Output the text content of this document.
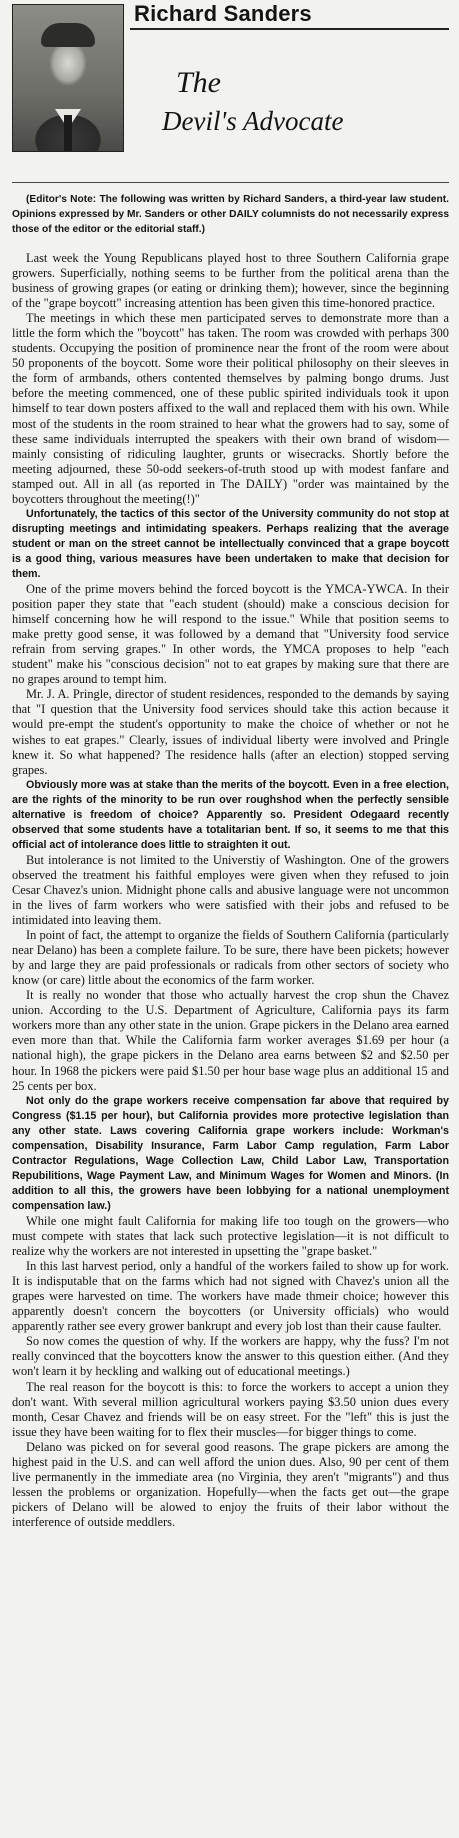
Richard Sanders
The
Devil's Advocate

(Editor's Note: The following was written by Richard Sanders, a third-year law student. Opinions expressed by Mr. Sanders or other DAILY columnists do not necessarily express those of the editor or the editorial staff.)

Last week the Young Republicans played host to three Southern California grape growers. Superficially, nothing seems to be further from the political arena than the business of growing grapes (or eating or drinking them); however, since the beginning of the "grape boycott" increasing attention has been given this time-honored practice.

The meetings in which these men participated serves to demonstrate more than a little the form which the "boycott" has taken. The room was crowded with perhaps 300 students. Occupying the position of prominence near the front of the room were about 50 proponents of the boycott. Some wore their political philosophy on their sleeves in the form of armbands, others contented themselves by palming bongo drums. Just before the meeting commenced, one of these public spirited individuals took it upon himself to tear down posters affixed to the wall and replaced them with his own. While most of the students in the room strained to hear what the growers had to say, some of these same individuals interrupted the speakers with their own brand of wisdom—mainly consisting of ridiculing laughter, grunts or wisecracks. Shortly before the meeting adjourned, these 50-odd seekers-of-truth stood up with modest fanfare and stamped out. All in all (as reported in The DAILY) "order was maintained by the boycotters throughout the meeting(!)"

Unfortunately, the tactics of this sector of the University community do not stop at disrupting meetings and intimidating speakers. Perhaps realizing that the average student or man on the street cannot be intellectually convinced that a grape boycott is a good thing, various measures have been undertaken to make that decision for them.

One of the prime movers behind the forced boycott is the YMCA-YWCA. In their position paper they state that "each student (should) make a conscious decision for himself concerning how he will respond to the issue." While that position seems to make pretty good sense, it was followed by a demand that "University food service refrain from serving grapes." In other words, the YMCA proposes to help "each student" make his "conscious decision" not to eat grapes by making sure that there are no grapes around to tempt him.

Mr. J. A. Pringle, director of student residences, responded to the demands by saying that "I question that the University food services should take this action because it would pre-empt the student's opportunity to make the choice of whether or not he wishes to eat grapes." Clearly, issues of individual liberty were involved and Pringle knew it. So what happened? The residence halls (after an election) stopped serving grapes.

Obviously more was at stake than the merits of the boycott. Even in a free election, are the rights of the minority to be run over roughshod when the perfectly sensible alternative is freedom of choice? Apparently so. President Odegaard recently observed that some students have a totalitarian bent. If so, it seems to me that this official act of intolerance does little to straighten it out.

But intolerance is not limited to the Universtiy of Washington. One of the growers observed the treatment his faithful employes were given when they refused to join Cesar Chavez's union. Midnight phone calls and abusive language were not uncommon in the lives of farm workers who were satisfied with their jobs and refused to be intimidated into leaving them.

In point of fact, the attempt to organize the fields of Southern California (particularly near Delano) has been a complete failure. To be sure, there have been pickets; however by and large they are paid professionals or radicals from other sectors of society who know (or care) little about the economics of the farm worker.

It is really no wonder that those who actually harvest the crop shun the Chavez union. According to the U.S. Department of Agriculture, California pays its farm workers more than any other state in the union. Grape pickers in the Delano area earned even more than that. While the California farm worker averages $1.69 per hour (a national high), the grape pickers in the Delano area earns between $2 and $2.50 per hour. In 1968 the pickers were paid $1.50 per hour base wage plus an additional 15 and 25 cents per box.

Not only do the grape workers receive compensation far above that required by Congress ($1.15 per hour), but California provides more protective legislation than any other state. Laws covering California grape workers include: Workman's compensation, Disability Insurance, Farm Labor Camp regulation, Farm Labor Contractor Regulations, Wage Collection Law, Child Labor Law, Transportation Repubilitions, Wage Payment Law, and Minimum Wages for Women and Minors. (In addition to all this, the growers have been lobbying for a national unemployment compensation law.)

While one might fault California for making life too tough on the growers—who must compete with states that lack such protective legislation—it is not difficult to realize why the workers are not interested in upsetting the "grape basket."

In this last harvest period, only a handful of the workers failed to show up for work. It is indisputable that on the farms which had not signed with Chavez's union all the grapes were harvested on time. The workers have made thmeir choice; however this apparently doesn't concern the boycotters (or University officials) who would apparently rather see every grower bankrupt and every job lost than their cause faulter.

So now comes the question of why. If the workers are happy, why the fuss? I'm not really convinced that the boycotters know the answer to this question either. (And they won't learn it by heckling and walking out of educational meetings.)

The real reason for the boycott is this: to force the workers to accept a union they don't want. With several million agricultural workers paying $3.50 union dues every month, Cesar Chavez and friends will be on easy street. For the "left" this is just the issue they have been waiting for to flex their muscles—for bigger things to come.

Delano was picked on for several good reasons. The grape pickers are among the highest paid in the U.S. and can well afford the union dues. Also, 90 per cent of them live permanently in the immediate area (no Virginia, they aren't "migrants") and thus lessen the problems or organization. Hopefully—when the facts get out—the grape pickers of Delano will be alowed to enjoy the fruits of their labor without the interference of outside meddlers.
